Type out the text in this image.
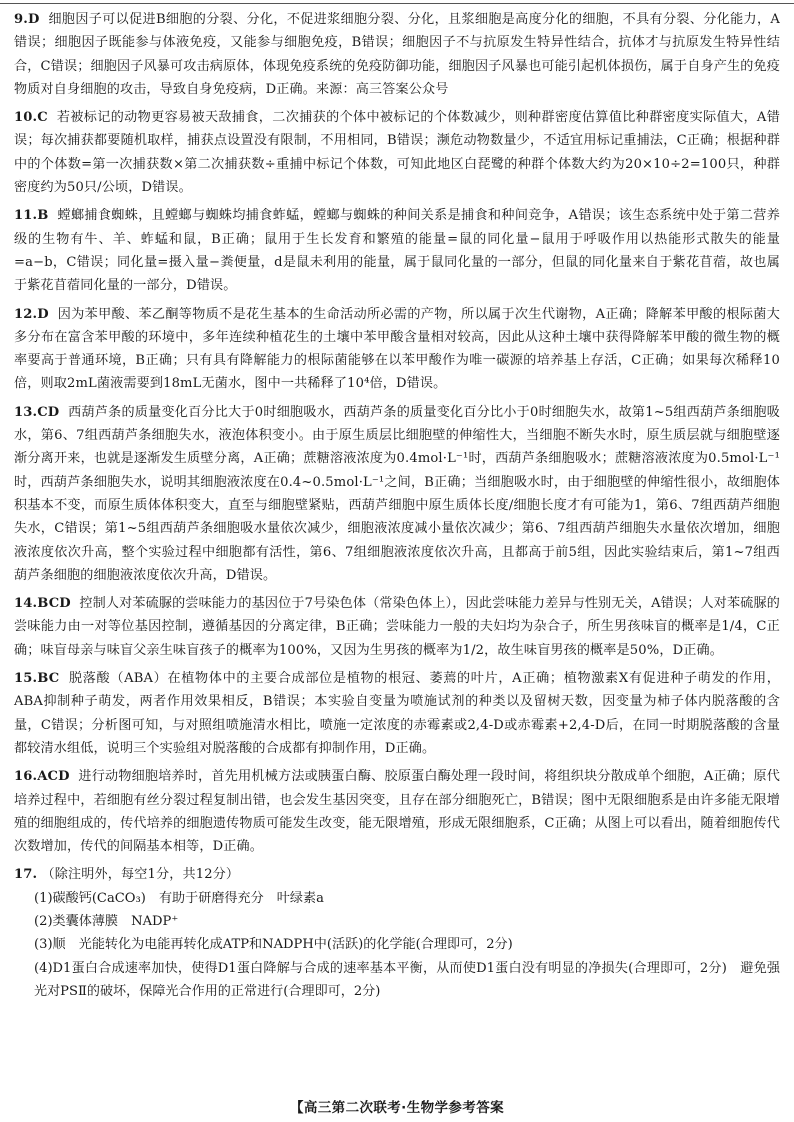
9.D 细胞因子可以促进B细胞的分裂、分化，不促进浆细胞分裂、分化，且浆细胞是高度分化的细胞，不具有分裂、分化能力，A错误；细胞因子既能参与体液免疫，又能参与细胞免疫，B错误；细胞因子不与抗原发生特异性结合，抗体才与抗原发生特异性结合，C错误；细胞因子风暴可攻击病原体，体现免疫系统的免疫防御功能，细胞因子风暴也可能引起机体损伤，属于自身产生的免疫物质对自身细胞的攻击，导致自身免疫病，D正确。来源：高三答案公众号
10.C 若被标记的动物更容易被天敌捕食，二次捕获的个体中被标记的个体数减少，则种群密度估算值比种群密度实际值大，A错误；每次捕获都要随机取样，捕获点设置没有限制，不用相同，B错误；濒危动物数量少，不适宜用标记重捕法，C正确；根据种群中的个体数=第一次捕获数×第二次捕获数÷重捕中标记个体数，可知此地区白琵鹭的种群个体数大约为20×10÷2=100只，种群密度约为50只/公顷，D错误。
11.B 螳螂捕食蜘蛛，且螳螂与蜘蛛均捕食蚱蜢，螳螂与蜘蛛的种间关系是捕食和种间竞争，A错误；该生态系统中处于第二营养级的生物有牛、羊、蚱蜢和鼠，B正确；鼠用于生长发育和繁殖的能量=鼠的同化量−鼠用于呼吸作用以热能形式散失的能量=a−b，C错误；同化量=摄入量−粪便量，d是鼠未利用的能量，属于鼠同化量的一部分，但鼠的同化量来自于紫花苜蓿，故也属于紫花苜蓿同化量的一部分，D错误。
12.D 因为苯甲酸、苯乙酮等物质不是花生基本的生命活动所必需的产物，所以属于次生代谢物，A正确；降解苯甲酸的根际菌大多分布在富含苯甲酸的环境中，多年连续种植花生的土壤中苯甲酸含量相对较高，因此从这种土壤中获得降解苯甲酸的微生物的概率要高于普通环境，B正确；只有具有降解能力的根际菌能够在以苯甲酸作为唯一碳源的培养基上存活，C正确；如果每次稀释10倍，则取2mL菌液需要到18mL无菌水，图中一共稀释了10⁴倍，D错误。
13.CD 西葫芦条的质量变化百分比大于0时细胞吸水，西葫芦条的质量变化百分比小于0时细胞失水，故第1~5组西葫芦条细胞吸水，第6、7组西葫芦条细胞失水，液泡体积变小。由于原生质层比细胞壁的伸缩性大，当细胞不断失水时，原生质层就与细胞壁逐渐分离开来，也就是逐渐发生质壁分离，A正确；蔗糖溶液浓度为0.4mol·L⁻¹时，西葫芦条细胞吸水；蔗糖溶液浓度为0.5mol·L⁻¹时，西葫芦条细胞失水，说明其细胞液浓度在0.4~0.5mol·L⁻¹之间，B正确；当细胞吸水时，由于细胞壁的伸缩性很小，故细胞体积基本不变，而原生质体体积变大，直至与细胞壁紧贴，西葫芦细胞中原生质体长度/细胞长度才有可能为1，第6、7组西葫芦细胞失水，C错误；第1~5组西葫芦条细胞吸水量依次减少，细胞液浓度减小量依次减少；第6、7组西葫芦细胞失水量依次增加，细胞液浓度依次升高，整个实验过程中细胞都有活性，第6、7组细胞液浓度依次升高，且都高于前5组，因此实验结束后，第1~7组西葫芦条细胞的细胞液浓度依次升高，D错误。
14.BCD 控制人对苯硫脲的尝味能力的基因位于7号染色体（常染色体上），因此尝味能力差异与性别无关，A错误；人对苯硫脲的尝味能力由一对等位基因控制，遵循基因的分离定律，B正确；尝味能力一般的夫妇均为杂合子，所生男孩味盲的概率是1/4，C正确；味盲母亲与味盲父亲生味盲孩子的概率为100%，又因为生男孩的概率为1/2，故生味盲男孩的概率是50%，D正确。
15.BC 脱落酸（ABA）在植物体中的主要合成部位是植物的根冠、萎蔫的叶片，A正确；植物激素X有促进种子萌发的作用，ABA抑制种子萌发，两者作用效果相反，B错误；本实验自变量为喷施试剂的种类以及留树天数，因变量为柿子体内脱落酸的含量，C错误；分析图可知，与对照组喷施清水相比，喷施一定浓度的赤霉素或2,4-D或赤霉素+2,4-D后，在同一时期脱落酸的含量都较清水组低，说明三个实验组对脱落酸的合成都有抑制作用，D正确。
16.ACD 进行动物细胞培养时，首先用机械方法或胰蛋白酶、胶原蛋白酶处理一段时间，将组织块分散成单个细胞，A正确；原代培养过程中，若细胞有丝分裂过程复制出错，也会发生基因突变，且存在部分细胞死亡，B错误；图中无限细胞系是由许多能无限增殖的细胞组成的，传代培养的细胞遗传物质可能发生改变，能无限增殖，形成无限细胞系，C正确；从图上可以看出，随着细胞传代次数增加，传代的间隔基本相等，D正确。
17. （除注明外，每空1分，共12分）
(1)碳酸钙(CaCO₃)　有助于研磨得充分　叶绿素a
(2)类囊体薄膜　NADP⁺
(3)顺　光能转化为电能再转化成ATP和NADPH中(活跃)的化学能(合理即可，2分)
(4)D1蛋白合成速率加快，使得D1蛋白降解与合成的速率基本平衡，从而使D1蛋白没有明显的净损失(合理即可，2分)　避免强光对PSⅡ的破坏，保障光合作用的正常进行(合理即可，2分)
【高三第二次联考·生物学参考答案
